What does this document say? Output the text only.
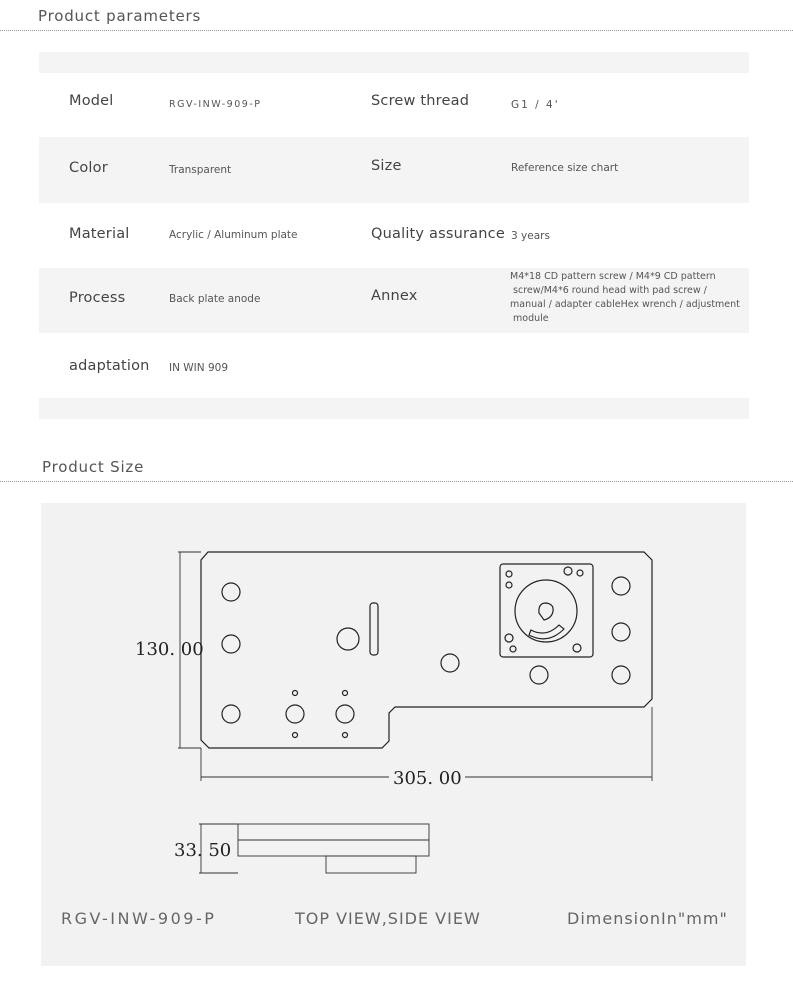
Product parameters
Model	RGV-INW-909-P	Screw thread	G1 / 4'
Color	Transparent	Size	Reference size chart
Material	Acrylic / Aluminum plate	Quality assurance 3 years
Process	Back plate anode	Annex
M4*18 CD pattern screw / M4*9 CD pattern
screw/M4*6 round head with pad screw /
manual / adapter cableHex wrench / adjustment
module
adaptation IN WIN 909
Product Size
130. 00
305. 00
33. 50
RGV-INW-909-P	TOP VIEW,SIDE VIEW	DimensionIn"mm"
